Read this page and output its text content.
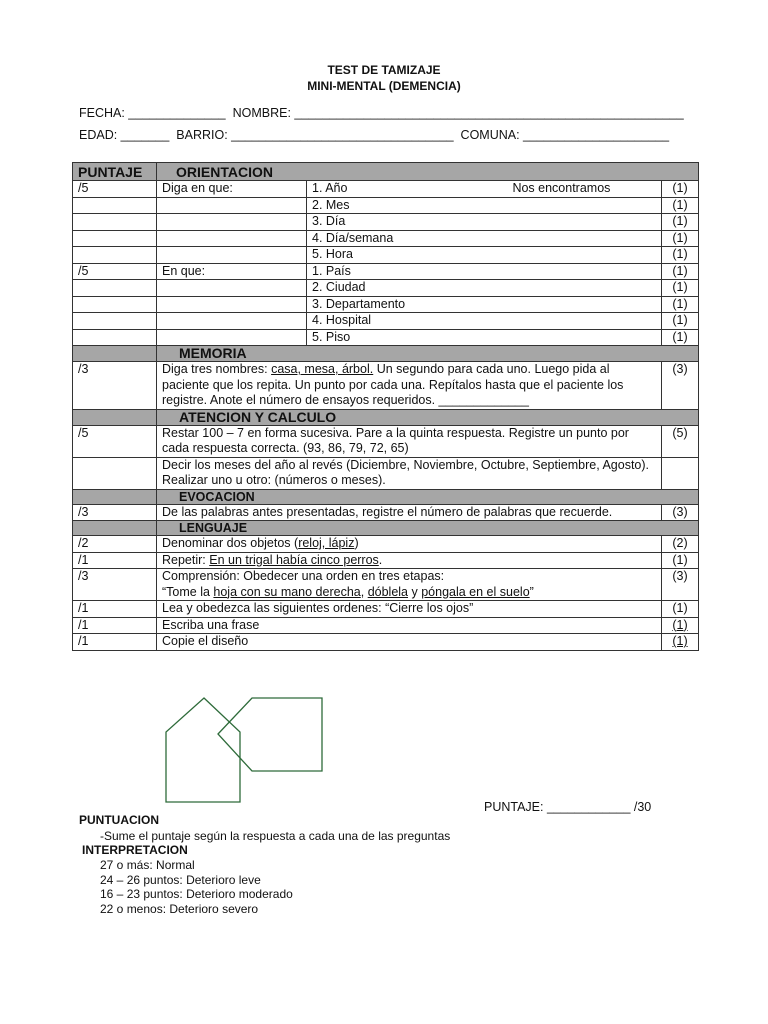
TEST DE TAMIZAJE
MINI-MENTAL (DEMENCIA)
FECHA: ______________  NOMBRE: ________________________________________________________
EDAD: _______  BARRIO: ________________________________  COMUNA: _____________________
PUNTAJE	ORIENTACION		
/5	Diga en que:	1. Año Nos encontramos	(1)
		2. Mes	(1)
		3. Día	(1)
		4. Día/semana	(1)
		5. Hora	(1)
/5	En que:	1. País	(1)
		2. Ciudad	(1)
		3. Departamento	(1)
		4. Hospital	(1)
		5. Piso	(1)
	MEMORIA		
/3	Diga tres nombres: casa, mesa, árbol. Un segundo para cada uno. Luego pida al paciente que los repita. Un punto por cada una. Repítalos hasta que el paciente los registre. Anote el número de ensayos requeridos. _____________		(3)
	ATENCION Y CALCULO		
/5	Restar 100 – 7 en forma sucesiva. Pare a la quinta respuesta. Registre un punto por cada respuesta correcta. (93, 86, 79, 72, 65)		(5)
	Decir los meses del año al revés (Diciembre, Noviembre, Octubre, Septiembre, Agosto). Realizar uno u otro: (números o meses).		
	EVOCACION		
/3	De las palabras antes presentadas, registre el número de palabras que recuerde.		(3)
	LENGUAJE		
/2	Denominar dos objetos (reloj, lápiz)		(2)
/1	Repetir: En un trigal había cinco perros.		(1)
/3	Comprensión: Obedecer una orden en tres etapas:
“Tome la hoja con su mano derecha, dóblela y póngala en el suelo”		(3)
/1	Lea y obedezca las siguientes ordenes: “Cierre los ojos”		(1)
/1	Escriba una frase		(1)
/1	Copie el diseño		(1)
PUNTAJE: ____________ /30
PUNTUACION
-Sume el puntaje según la respuesta a cada una de las preguntas
INTERPRETACION
27 o más: Normal
24 – 26 puntos: Deterioro leve
16 – 23 puntos: Deterioro moderado
22 o menos: Deterioro severo
